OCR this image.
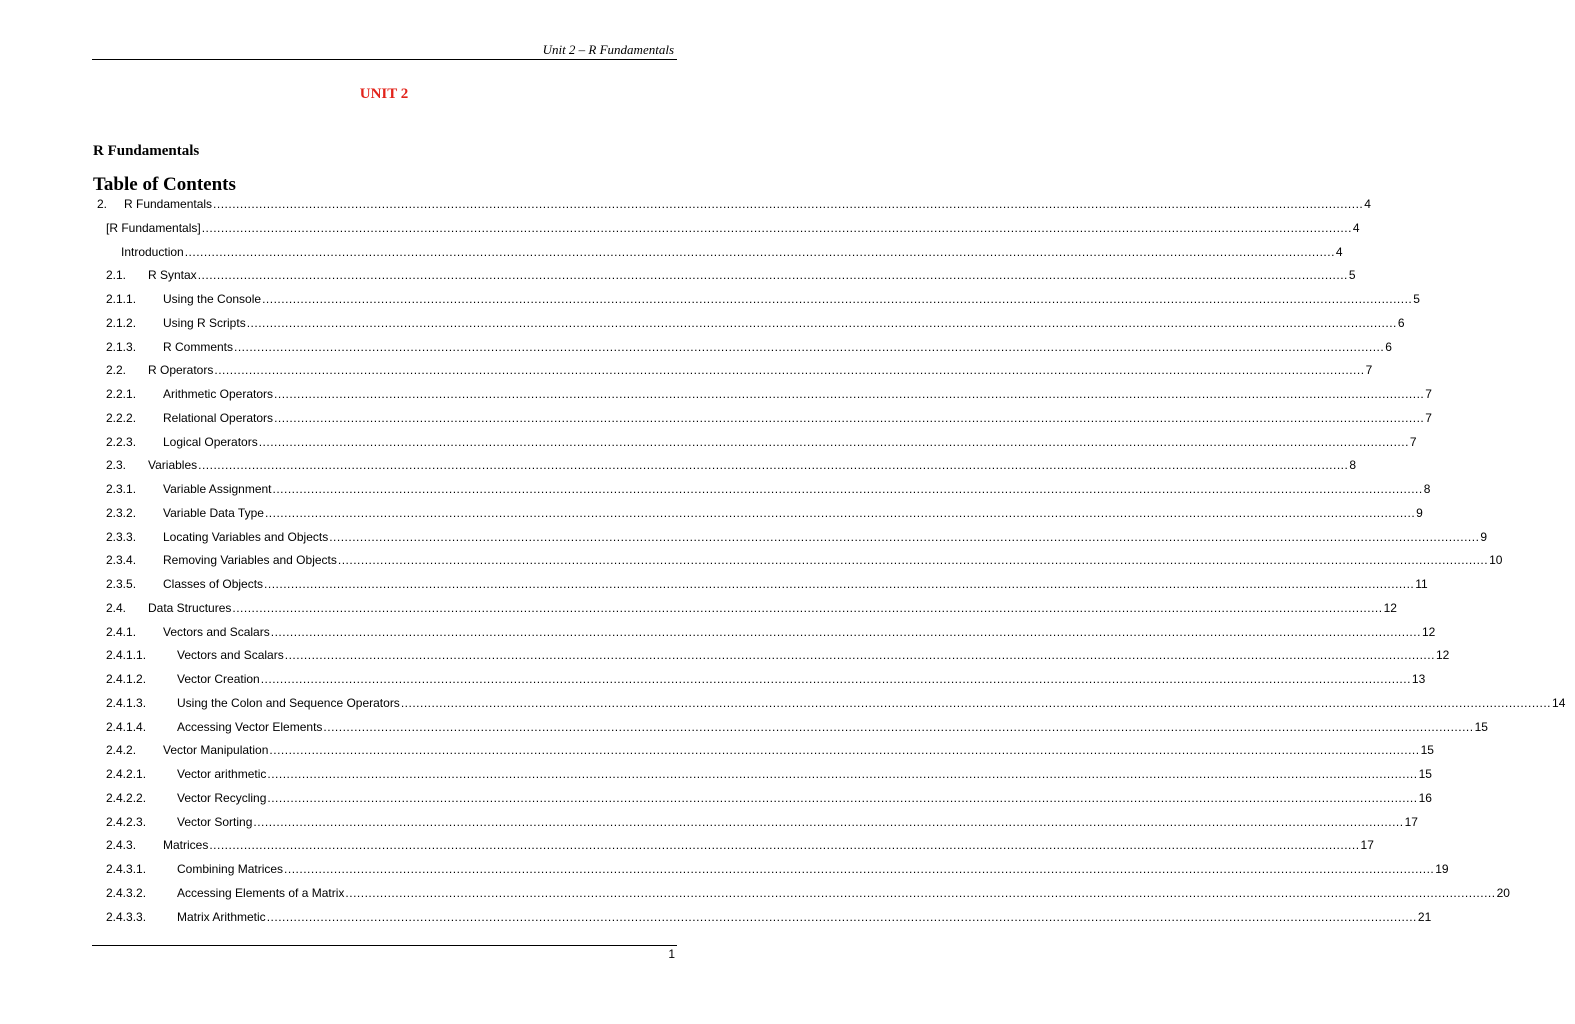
Unit 2 – R Fundamentals
UNIT 2
R Fundamentals
Table of Contents
2.	R Fundamentals ............................................................................................................................................................................................................................................................................................................ 4
[R Fundamentals] ............................................................................................................................................................................................................................................................................................................ 4
Introduction ............................................................................................................................................................................................................................................................................................................ 4
2.1.	R Syntax ............................................................................................................................................................................................................................................................................................................ 5
2.1.1.	Using the Console ............................................................................................................................................................................................................................................................................................................ 5
2.1.2.	Using R Scripts ............................................................................................................................................................................................................................................................................................................ 6
2.1.3.	R Comments ............................................................................................................................................................................................................................................................................................................ 6
2.2.	R Operators ............................................................................................................................................................................................................................................................................................................ 7
2.2.1.	Arithmetic Operators ............................................................................................................................................................................................................................................................................................................ 7
2.2.2.	Relational Operators ............................................................................................................................................................................................................................................................................................................ 7
2.2.3.	Logical Operators ............................................................................................................................................................................................................................................................................................................ 7
2.3.	Variables ............................................................................................................................................................................................................................................................................................................ 8
2.3.1.	Variable Assignment ............................................................................................................................................................................................................................................................................................................ 8
2.3.2.	Variable Data Type ............................................................................................................................................................................................................................................................................................................ 9
2.3.3.	Locating Variables and Objects ............................................................................................................................................................................................................................................................................................................ 9
2.3.4.	Removing Variables and Objects ............................................................................................................................................................................................................................................................................................................ 10
2.3.5.	Classes of Objects ............................................................................................................................................................................................................................................................................................................ 11
2.4.	Data Structures ............................................................................................................................................................................................................................................................................................................ 12
2.4.1.	Vectors and Scalars ............................................................................................................................................................................................................................................................................................................ 12
2.4.1.1.	Vectors and Scalars ............................................................................................................................................................................................................................................................................................................ 12
2.4.1.2.	Vector Creation ............................................................................................................................................................................................................................................................................................................ 13
2.4.1.3.	Using the Colon and Sequence Operators ............................................................................................................................................................................................................................................................................................................ 14
2.4.1.4.	Accessing Vector Elements ............................................................................................................................................................................................................................................................................................................ 15
2.4.2.	Vector Manipulation ............................................................................................................................................................................................................................................................................................................ 15
2.4.2.1.	Vector arithmetic ............................................................................................................................................................................................................................................................................................................ 15
2.4.2.2.	Vector Recycling ............................................................................................................................................................................................................................................................................................................ 16
2.4.2.3.	Vector Sorting ............................................................................................................................................................................................................................................................................................................ 17
2.4.3.	Matrices ............................................................................................................................................................................................................................................................................................................ 17
2.4.3.1.	Combining Matrices ............................................................................................................................................................................................................................................................................................................ 19
2.4.3.2.	Accessing Elements of a Matrix ............................................................................................................................................................................................................................................................................................................ 20
2.4.3.3.	Matrix Arithmetic ............................................................................................................................................................................................................................................................................................................ 21
1
